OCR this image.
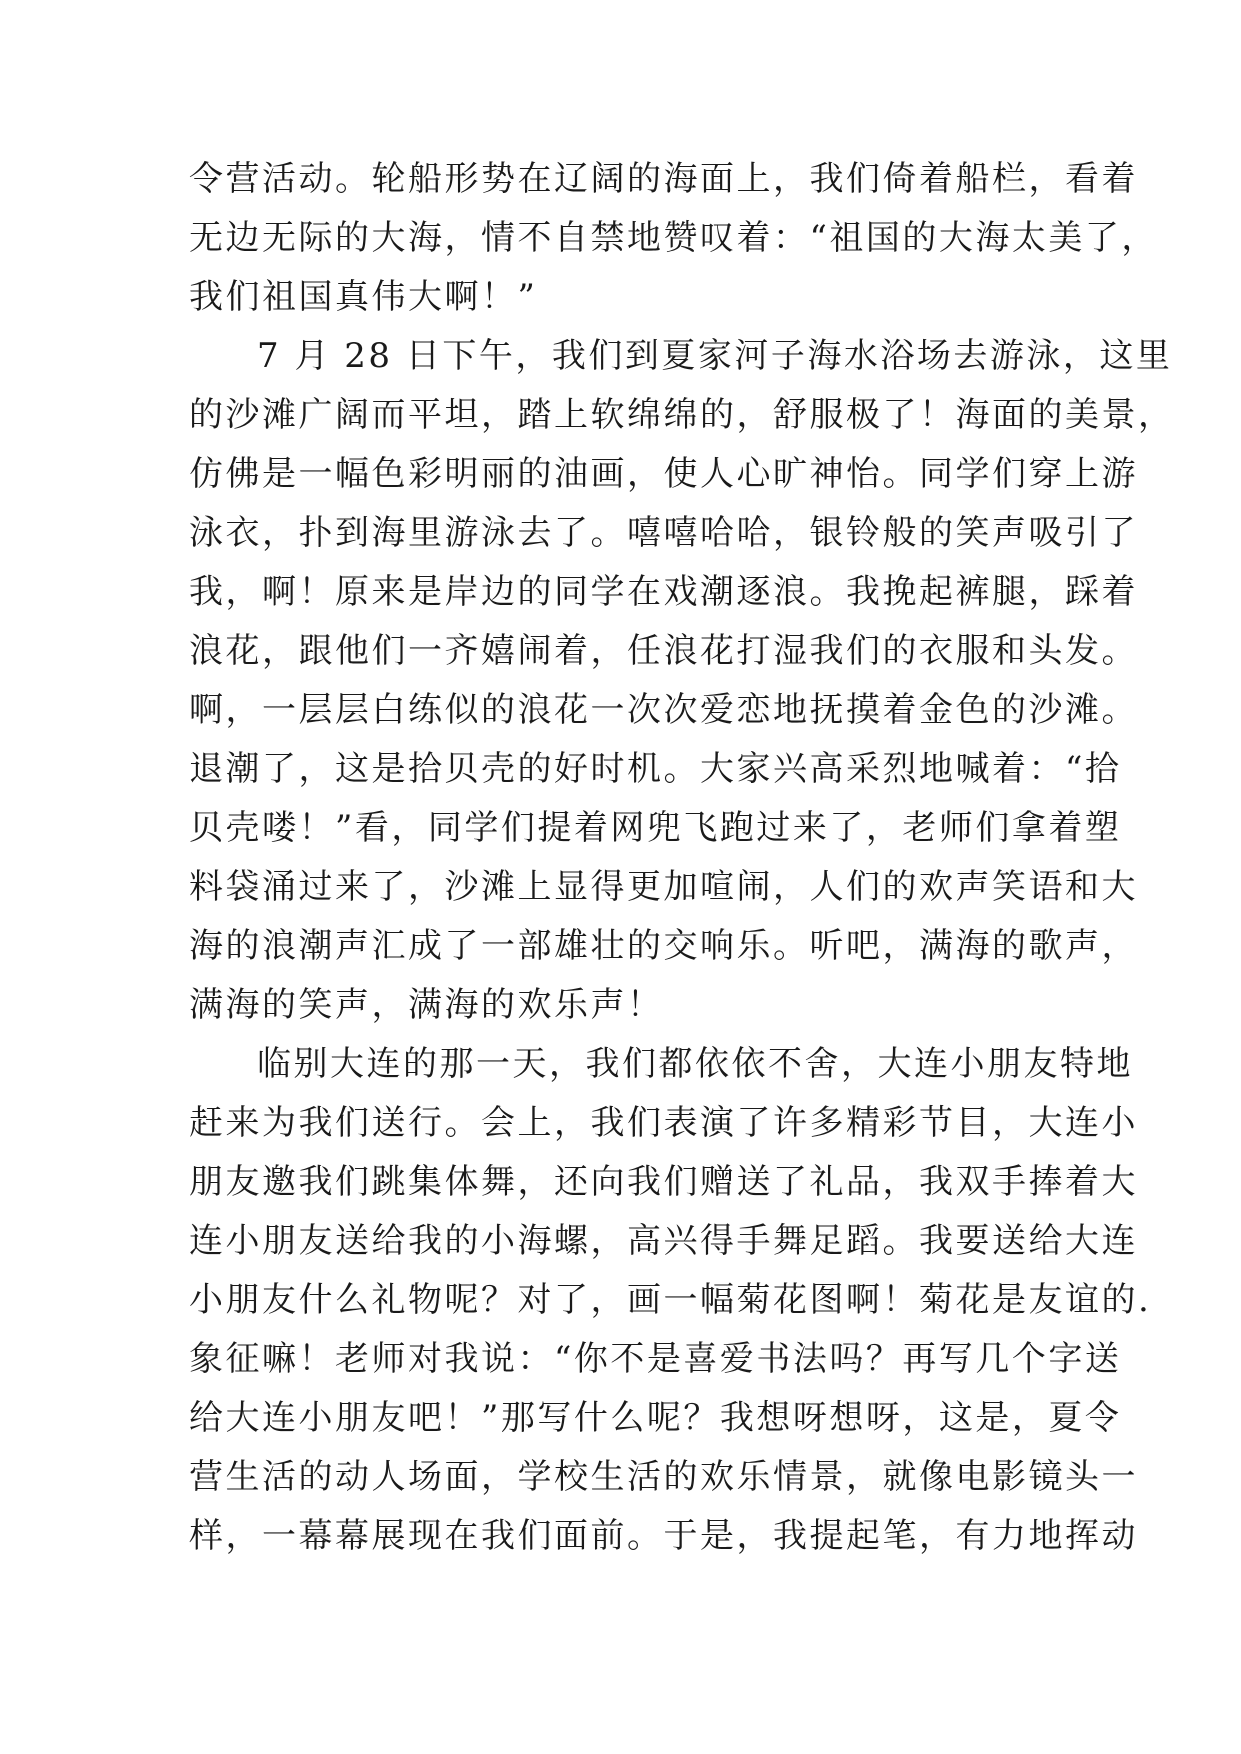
令营活动。轮船形势在辽阔的海面上，我们倚着船栏，看着
无边无际的大海，情不自禁地赞叹着：“祖国的大海太美了，
我们祖国真伟大啊！”
7 月 28 日下午，我们到夏家河子海水浴场去游泳，这里
的沙滩广阔而平坦，踏上软绵绵的，舒服极了！海面的美景，
仿佛是一幅色彩明丽的油画，使人心旷神怡。同学们穿上游
泳衣，扑到海里游泳去了。嘻嘻哈哈，银铃般的笑声吸引了
我，啊！原来是岸边的同学在戏潮逐浪。我挽起裤腿，踩着
浪花，跟他们一齐嬉闹着，任浪花打湿我们的衣服和头发。
啊，一层层白练似的浪花一次次爱恋地抚摸着金色的沙滩。
退潮了，这是拾贝壳的好时机。大家兴高采烈地喊着：“拾
贝壳喽！”看，同学们提着网兜飞跑过来了，老师们拿着塑
料袋涌过来了，沙滩上显得更加喧闹，人们的欢声笑语和大
海的浪潮声汇成了一部雄壮的交响乐。听吧，满海的歌声，
满海的笑声，满海的欢乐声！
临别大连的那一天，我们都依依不舍，大连小朋友特地
赶来为我们送行。会上，我们表演了许多精彩节目，大连小
朋友邀我们跳集体舞，还向我们赠送了礼品，我双手捧着大
连小朋友送给我的小海螺，高兴得手舞足蹈。我要送给大连
小朋友什么礼物呢？对了，画一幅菊花图啊！菊花是友谊的.
象征嘛！老师对我说：“你不是喜爱书法吗？再写几个字送
给大连小朋友吧！”那写什么呢？我想呀想呀，这是，夏令
营生活的动人场面，学校生活的欢乐情景，就像电影镜头一
样，一幕幕展现在我们面前。于是，我提起笔，有力地挥动
